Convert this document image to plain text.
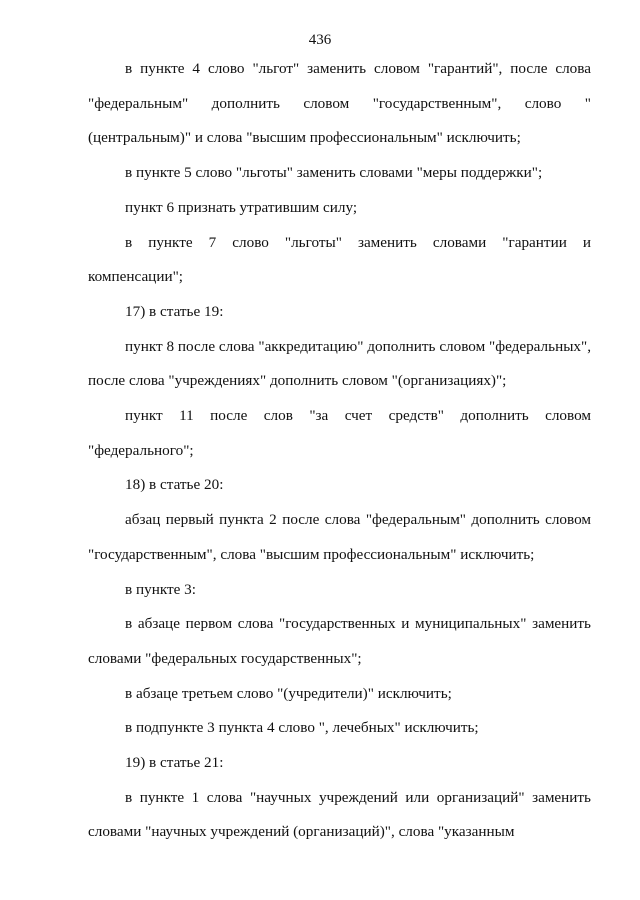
436

в пункте 4 слово "льгот" заменить словом "гарантий", после слова "федеральным" дополнить словом "государственным", слово "(центральным)" и слова "высшим профессиональным" исключить;

в пункте 5 слово "льготы" заменить словами "меры поддержки";

пункт 6 признать утратившим силу;

в пункте 7 слово "льготы" заменить словами "гарантии и компенсации";

17) в статье 19:

пункт 8 после слова "аккредитацию" дополнить словом "федеральных", после слова "учреждениях" дополнить словом "(организациях)";

пункт 11 после слов "за счет средств" дополнить словом "федерального";

18) в статье 20:

абзац первый пункта 2 после слова "федеральным" дополнить словом "государственным", слова "высшим профессиональным" исключить;

в пункте 3:

в абзаце первом слова "государственных и муниципальных" заменить словами "федеральных государственных";

в абзаце третьем слово "(учредители)" исключить;

в подпункте 3 пункта 4 слово ", лечебных" исключить;

19) в статье 21:

в пункте 1 слова "научных учреждений или организаций" заменить словами "научных учреждений (организаций)", слова "указанным
